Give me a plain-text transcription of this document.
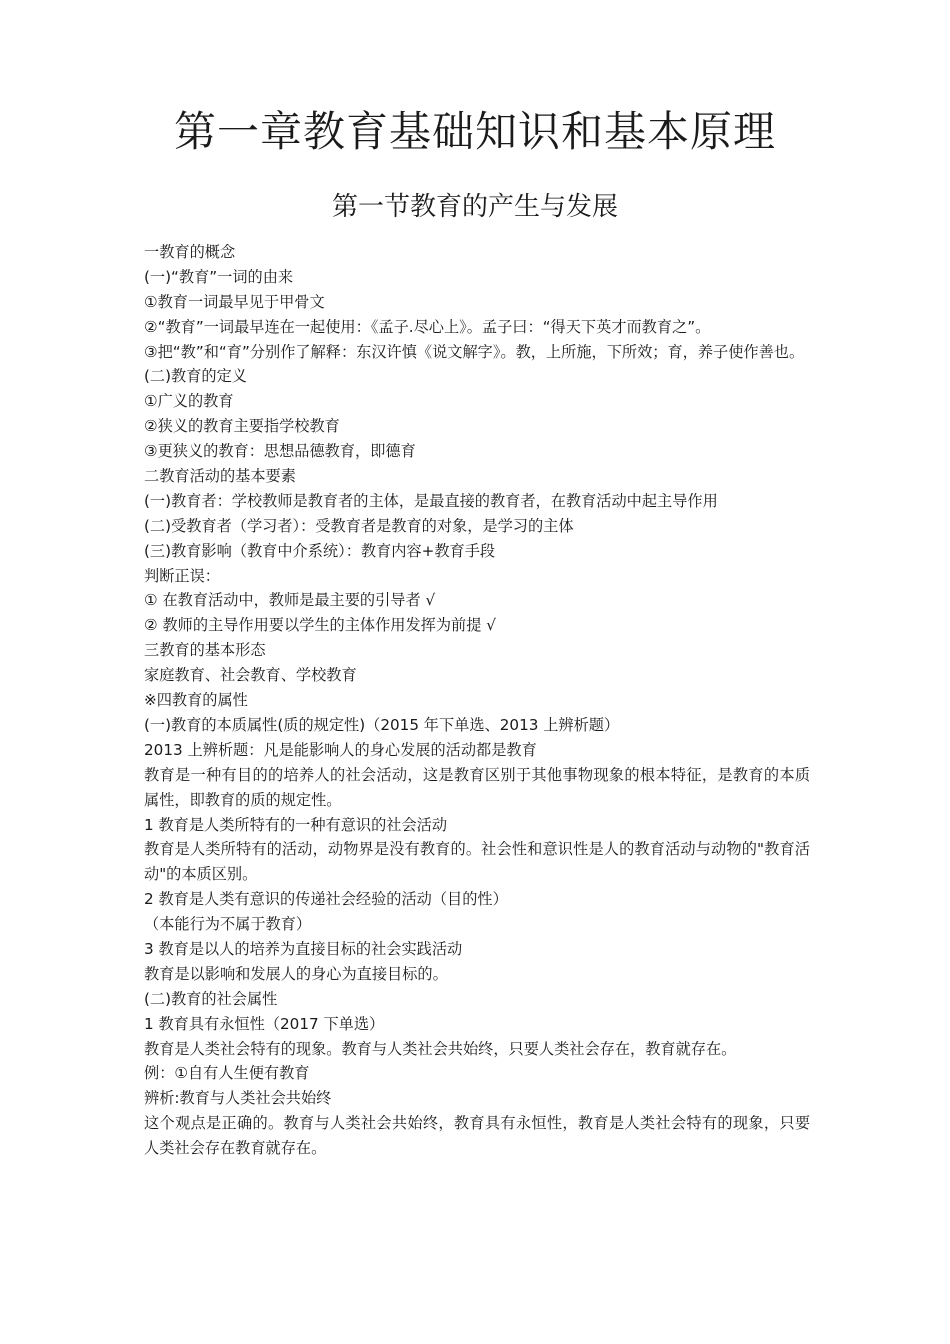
第一章教育基础知识和基本原理
第一节教育的产生与发展
一教育的概念
(一)“教育”一词的由来
①教育一词最早见于甲骨文
②“教育”一词最早连在一起使用：《孟子.尽心上》。孟子曰：“得天下英才而教育之”。
③把“教”和“育”分别作了解释：东汉许慎《说文解字》。教，上所施，下所效；育，养子使作善也。
(二)教育的定义
①广义的教育
②狭义的教育主要指学校教育
③更狭义的教育：思想品德教育，即德育
二教育活动的基本要素
(一)教育者：学校教师是教育者的主体，是最直接的教育者，在教育活动中起主导作用
(二)受教育者（学习者）：受教育者是教育的对象，是学习的主体
(三)教育影响（教育中介系统）：教育内容+教育手段
判断正误：
① 在教育活动中，教师是最主要的引导者 √
② 教师的主导作用要以学生的主体作用发挥为前提 √
三教育的基本形态
家庭教育、社会教育、学校教育
※四教育的属性
(一)教育的本质属性(质的规定性)（2015 年下单选、2013 上辨析题）
2013 上辨析题：凡是能影响人的身心发展的活动都是教育
教育是一种有目的的培养人的社会活动，这是教育区别于其他事物现象的根本特征，是教育的本质属性，即教育的质的规定性。
1 教育是人类所特有的一种有意识的社会活动
教育是人类所特有的活动，动物界是没有教育的。社会性和意识性是人的教育活动与动物的"教育活动"的本质区别。
2 教育是人类有意识的传递社会经验的活动（目的性）
（本能行为不属于教育）
3 教育是以人的培养为直接目标的社会实践活动
教育是以影响和发展人的身心为直接目标的。
(二)教育的社会属性
1 教育具有永恒性（2017 下单选）
教育是人类社会特有的现象。教育与人类社会共始终，只要人类社会存在，教育就存在。
例：①自有人生便有教育
辨析:教育与人类社会共始终
这个观点是正确的。教育与人类社会共始终，教育具有永恒性，教育是人类社会特有的现象，只要人类社会存在教育就存在。
